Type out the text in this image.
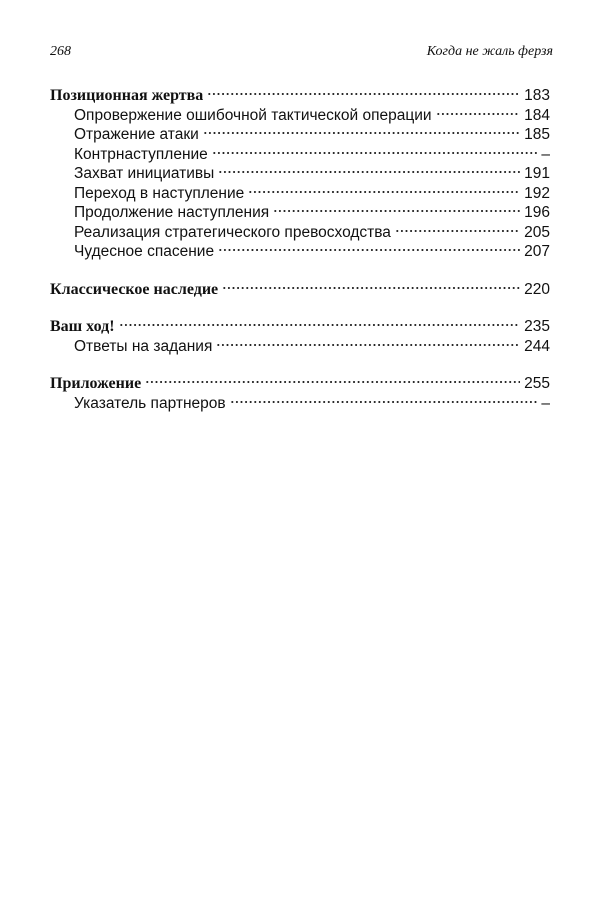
268	Когда не жаль ферзя
Позиционная жертва	183
Опровержение ошибочной тактической операции	184
Отражение атаки	185
Контрнаступление	–
Захват инициативы	191
Переход в наступление	192
Продолжение наступления	196
Реализация стратегического превосходства	205
Чудесное спасение	207
Классическое наследие	220
Ваш ход!	235
Ответы на задания	244
Приложение	255
Указатель партнеров	–
